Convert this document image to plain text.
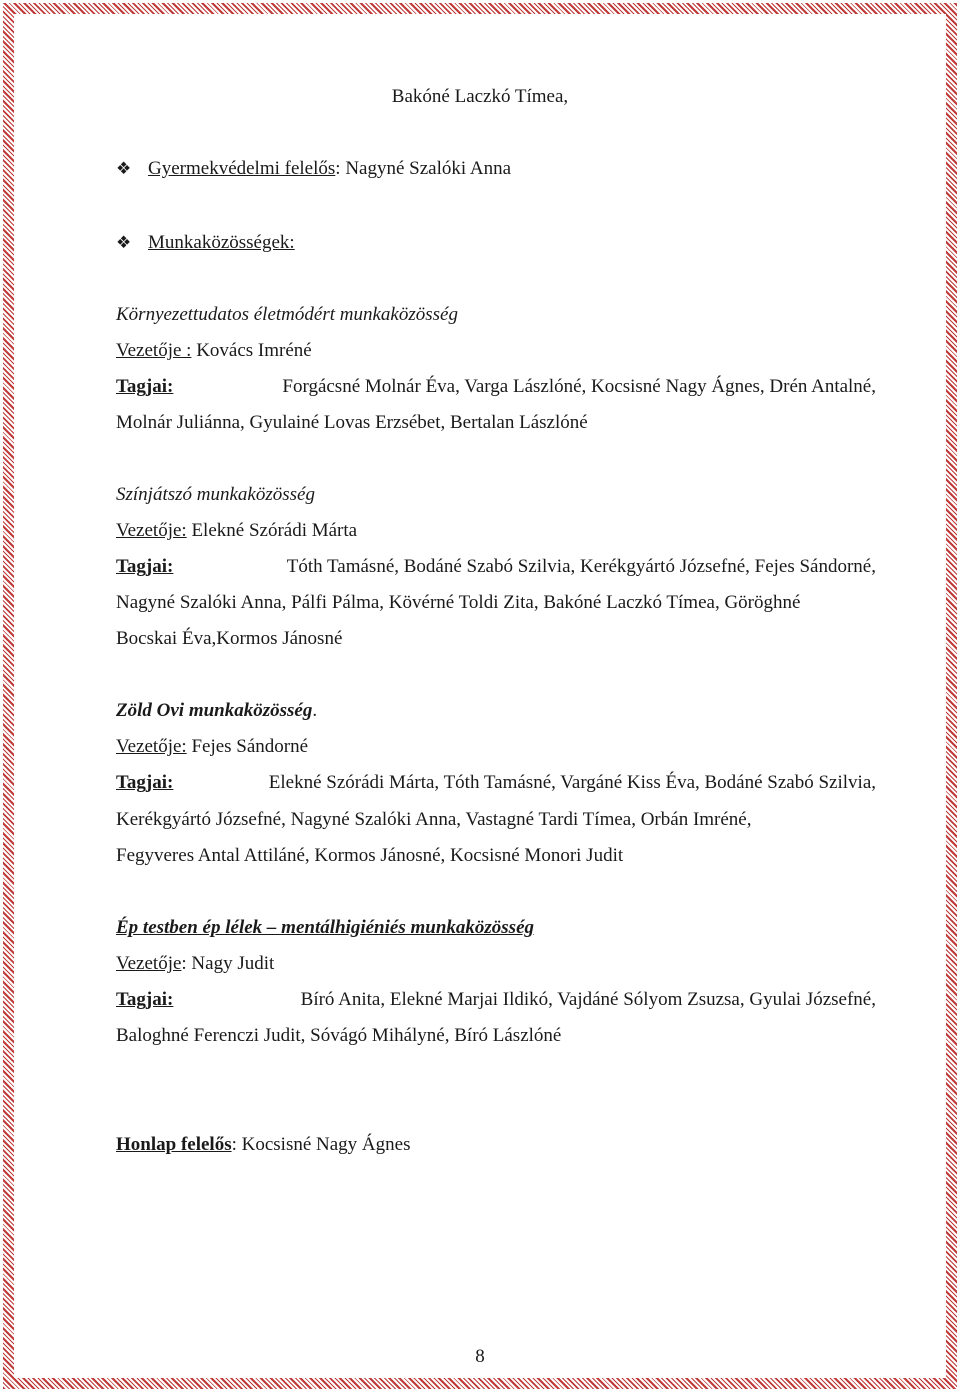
Bakóné Laczkó Tímea,
❖ Gyermekvédelmi felelős: Nagyné Szalóki Anna
❖ Munkaközösségek:
Környezettudatos életmódért munkaközösség
Vezetője : Kovács Imréné
Tagjai:	Forgácsné Molnár Éva, Varga Lászlóné, Kocsisné Nagy Ágnes, Drén Antalné,
Molnár Juliánna, Gyulainé Lovas Erzsébet, Bertalan Lászlóné
Színjátszó munkaközösség
Vezetője: Elekné Szórádi Márta
Tagjai:	Tóth Tamásné, Bodáné Szabó Szilvia, Kerékgyártó Józsefné, Fejes Sándorné,
Nagyné Szalóki Anna, Pálfi Pálma, Kövérné Toldi Zita, Bakóné Laczkó Tímea, Göröghné
Bocskai Éva,Kormos Jánosné
Zöld Ovi munkaközösség.
Vezetője: Fejes Sándorné
Tagjai:	Elekné Szórádi Márta, Tóth Tamásné, Vargáné Kiss Éva, Bodáné Szabó Szilvia,
Kerékgyártó Józsefné, Nagyné Szalóki Anna, Vastagné Tardi Tímea, Orbán Imréné,
Fegyveres Antal Attiláné, Kormos Jánosné, Kocsisné Monori Judit
Ép testben ép lélek – mentálhigiéniés munkaközösség
Vezetője: Nagy Judit
Tagjai:	Bíró Anita, Elekné Marjai Ildikó, Vajdáné Sólyom Zsuzsa, Gyulai Józsefné,
Baloghné Ferenczi Judit, Sóvágó Mihályné, Bíró Lászlóné
Honlap felelős: Kocsisné Nagy Ágnes
8
